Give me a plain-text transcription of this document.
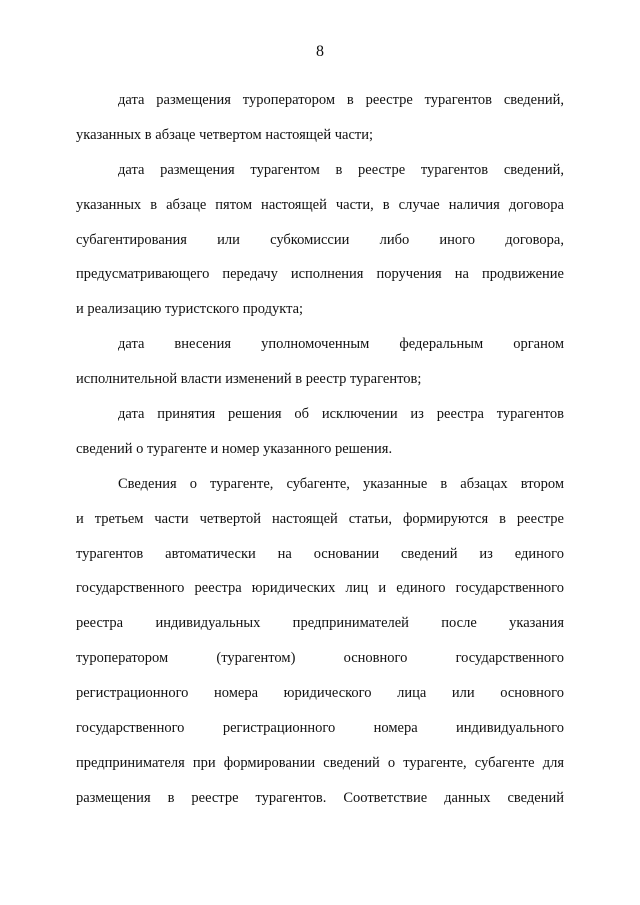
8

дата размещения туроператором в реестре турагентов сведений,
указанных в абзаце четвертом настоящей части;

дата размещения турагентом в реестре турагентов сведений,
указанных в абзаце пятом настоящей части, в случае наличия договора
субагентирования или субкомиссии либо иного договора,
предусматривающего передачу исполнения поручения на продвижение
и реализацию туристского продукта;

дата внесения уполномоченным федеральным органом
исполнительной власти изменений в реестр турагентов;

дата принятия решения об исключении из реестра турагентов
сведений о турагенте и номер указанного решения.

Сведения о турагенте, субагенте, указанные в абзацах втором
и третьем части четвертой настоящей статьи, формируются в реестре
турагентов автоматически на основании сведений из единого
государственного реестра юридических лиц и единого государственного
реестра индивидуальных предпринимателей после указания
туроператором (турагентом) основного государственного
регистрационного номера юридического лица или основного
государственного регистрационного номера индивидуального
предпринимателя при формировании сведений о турагенте, субагенте для
размещения в реестре турагентов. Соответствие данных сведений
